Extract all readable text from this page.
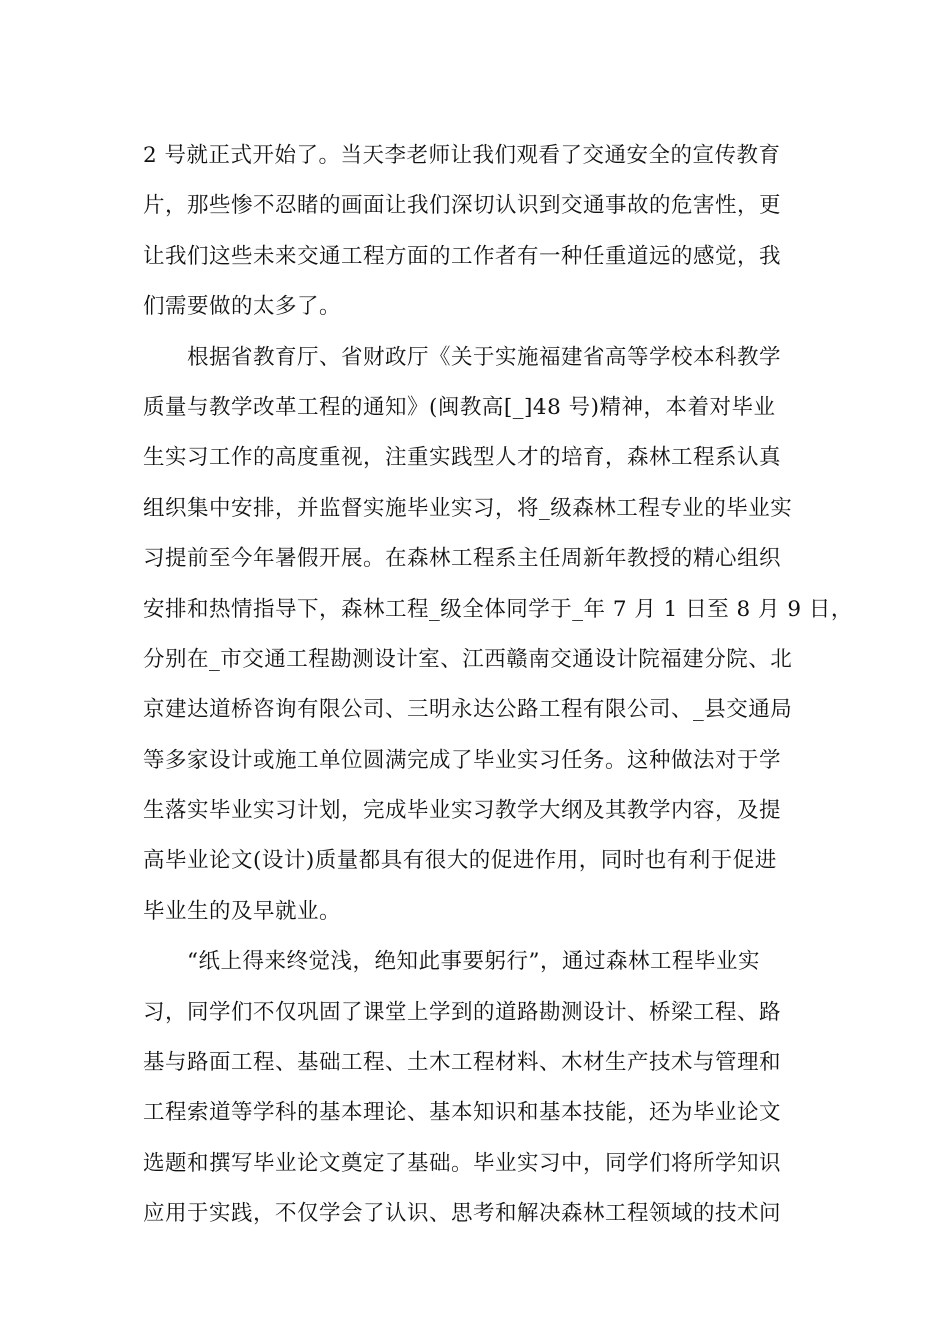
2 号就正式开始了。当天李老师让我们观看了交通安全的宣传教育
片，那些惨不忍睹的画面让我们深切认识到交通事故的危害性，更
让我们这些未来交通工程方面的工作者有一种任重道远的感觉，我
们需要做的太多了。
根据省教育厅、省财政厅《关于实施福建省高等学校本科教学
质量与教学改革工程的通知》(闽教高[_]48 号)精神，本着对毕业
生实习工作的高度重视，注重实践型人才的培育，森林工程系认真
组织集中安排，并监督实施毕业实习，将_级森林工程专业的毕业实
习提前至今年暑假开展。在森林工程系主任周新年教授的精心组织
安排和热情指导下，森林工程_级全体同学于_年 7 月 1 日至 8 月 9 日，
分别在_市交通工程勘测设计室、江西赣南交通设计院福建分院、北
京建达道桥咨询有限公司、三明永达公路工程有限公司、_县交通局
等多家设计或施工单位圆满完成了毕业实习任务。这种做法对于学
生落实毕业实习计划，完成毕业实习教学大纲及其教学内容，及提
高毕业论文(设计)质量都具有很大的促进作用，同时也有利于促进
毕业生的及早就业。
“纸上得来终觉浅，绝知此事要躬行”，通过森林工程毕业实
习，同学们不仅巩固了课堂上学到的道路勘测设计、桥梁工程、路
基与路面工程、基础工程、土木工程材料、木材生产技术与管理和
工程索道等学科的基本理论、基本知识和基本技能，还为毕业论文
选题和撰写毕业论文奠定了基础。毕业实习中，同学们将所学知识
应用于实践，不仅学会了认识、思考和解决森林工程领域的技术问
